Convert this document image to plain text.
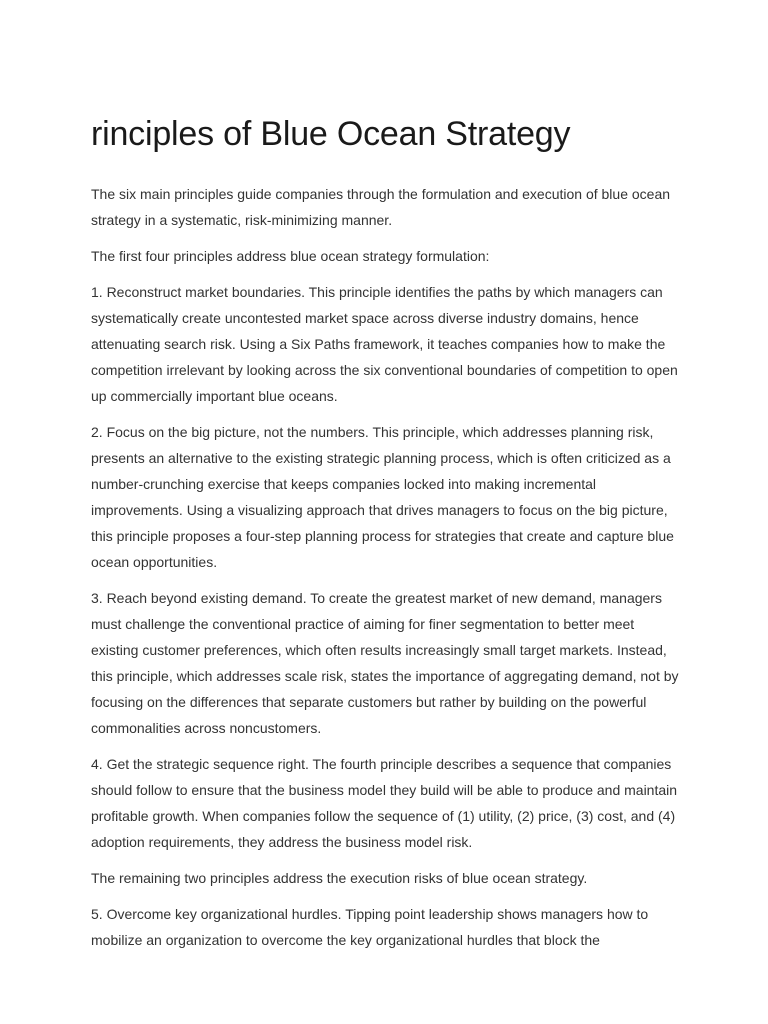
rinciples of Blue Ocean Strategy

The six main principles guide companies through the formulation and execution of blue ocean strategy in a systematic, risk-minimizing manner.

The first four principles address blue ocean strategy formulation:

1. Reconstruct market boundaries. This principle identifies the paths by which managers can systematically create uncontested market space across diverse industry domains, hence attenuating search risk. Using a Six Paths framework, it teaches companies how to make the competition irrelevant by looking across the six conventional boundaries of competition to open up commercially important blue oceans.

2. Focus on the big picture, not the numbers. This principle, which addresses planning risk, presents an alternative to the existing strategic planning process, which is often criticized as a number-crunching exercise that keeps companies locked into making incremental improvements. Using a visualizing approach that drives managers to focus on the big picture, this principle proposes a four-step planning process for strategies that create and capture blue ocean opportunities.

3. Reach beyond existing demand. To create the greatest market of new demand, managers must challenge the conventional practice of aiming for finer segmentation to better meet existing customer preferences, which often results increasingly small target markets. Instead, this principle, which addresses scale risk, states the importance of aggregating demand, not by focusing on the differences that separate customers but rather by building on the powerful commonalities across noncustomers.

4. Get the strategic sequence right. The fourth principle describes a sequence that companies should follow to ensure that the business model they build will be able to produce and maintain profitable growth. When companies follow the sequence of (1) utility, (2) price, (3) cost, and (4) adoption requirements, they address the business model risk.

The remaining two principles address the execution risks of blue ocean strategy.

5. Overcome key organizational hurdles. Tipping point leadership shows managers how to mobilize an organization to overcome the key organizational hurdles that block the
